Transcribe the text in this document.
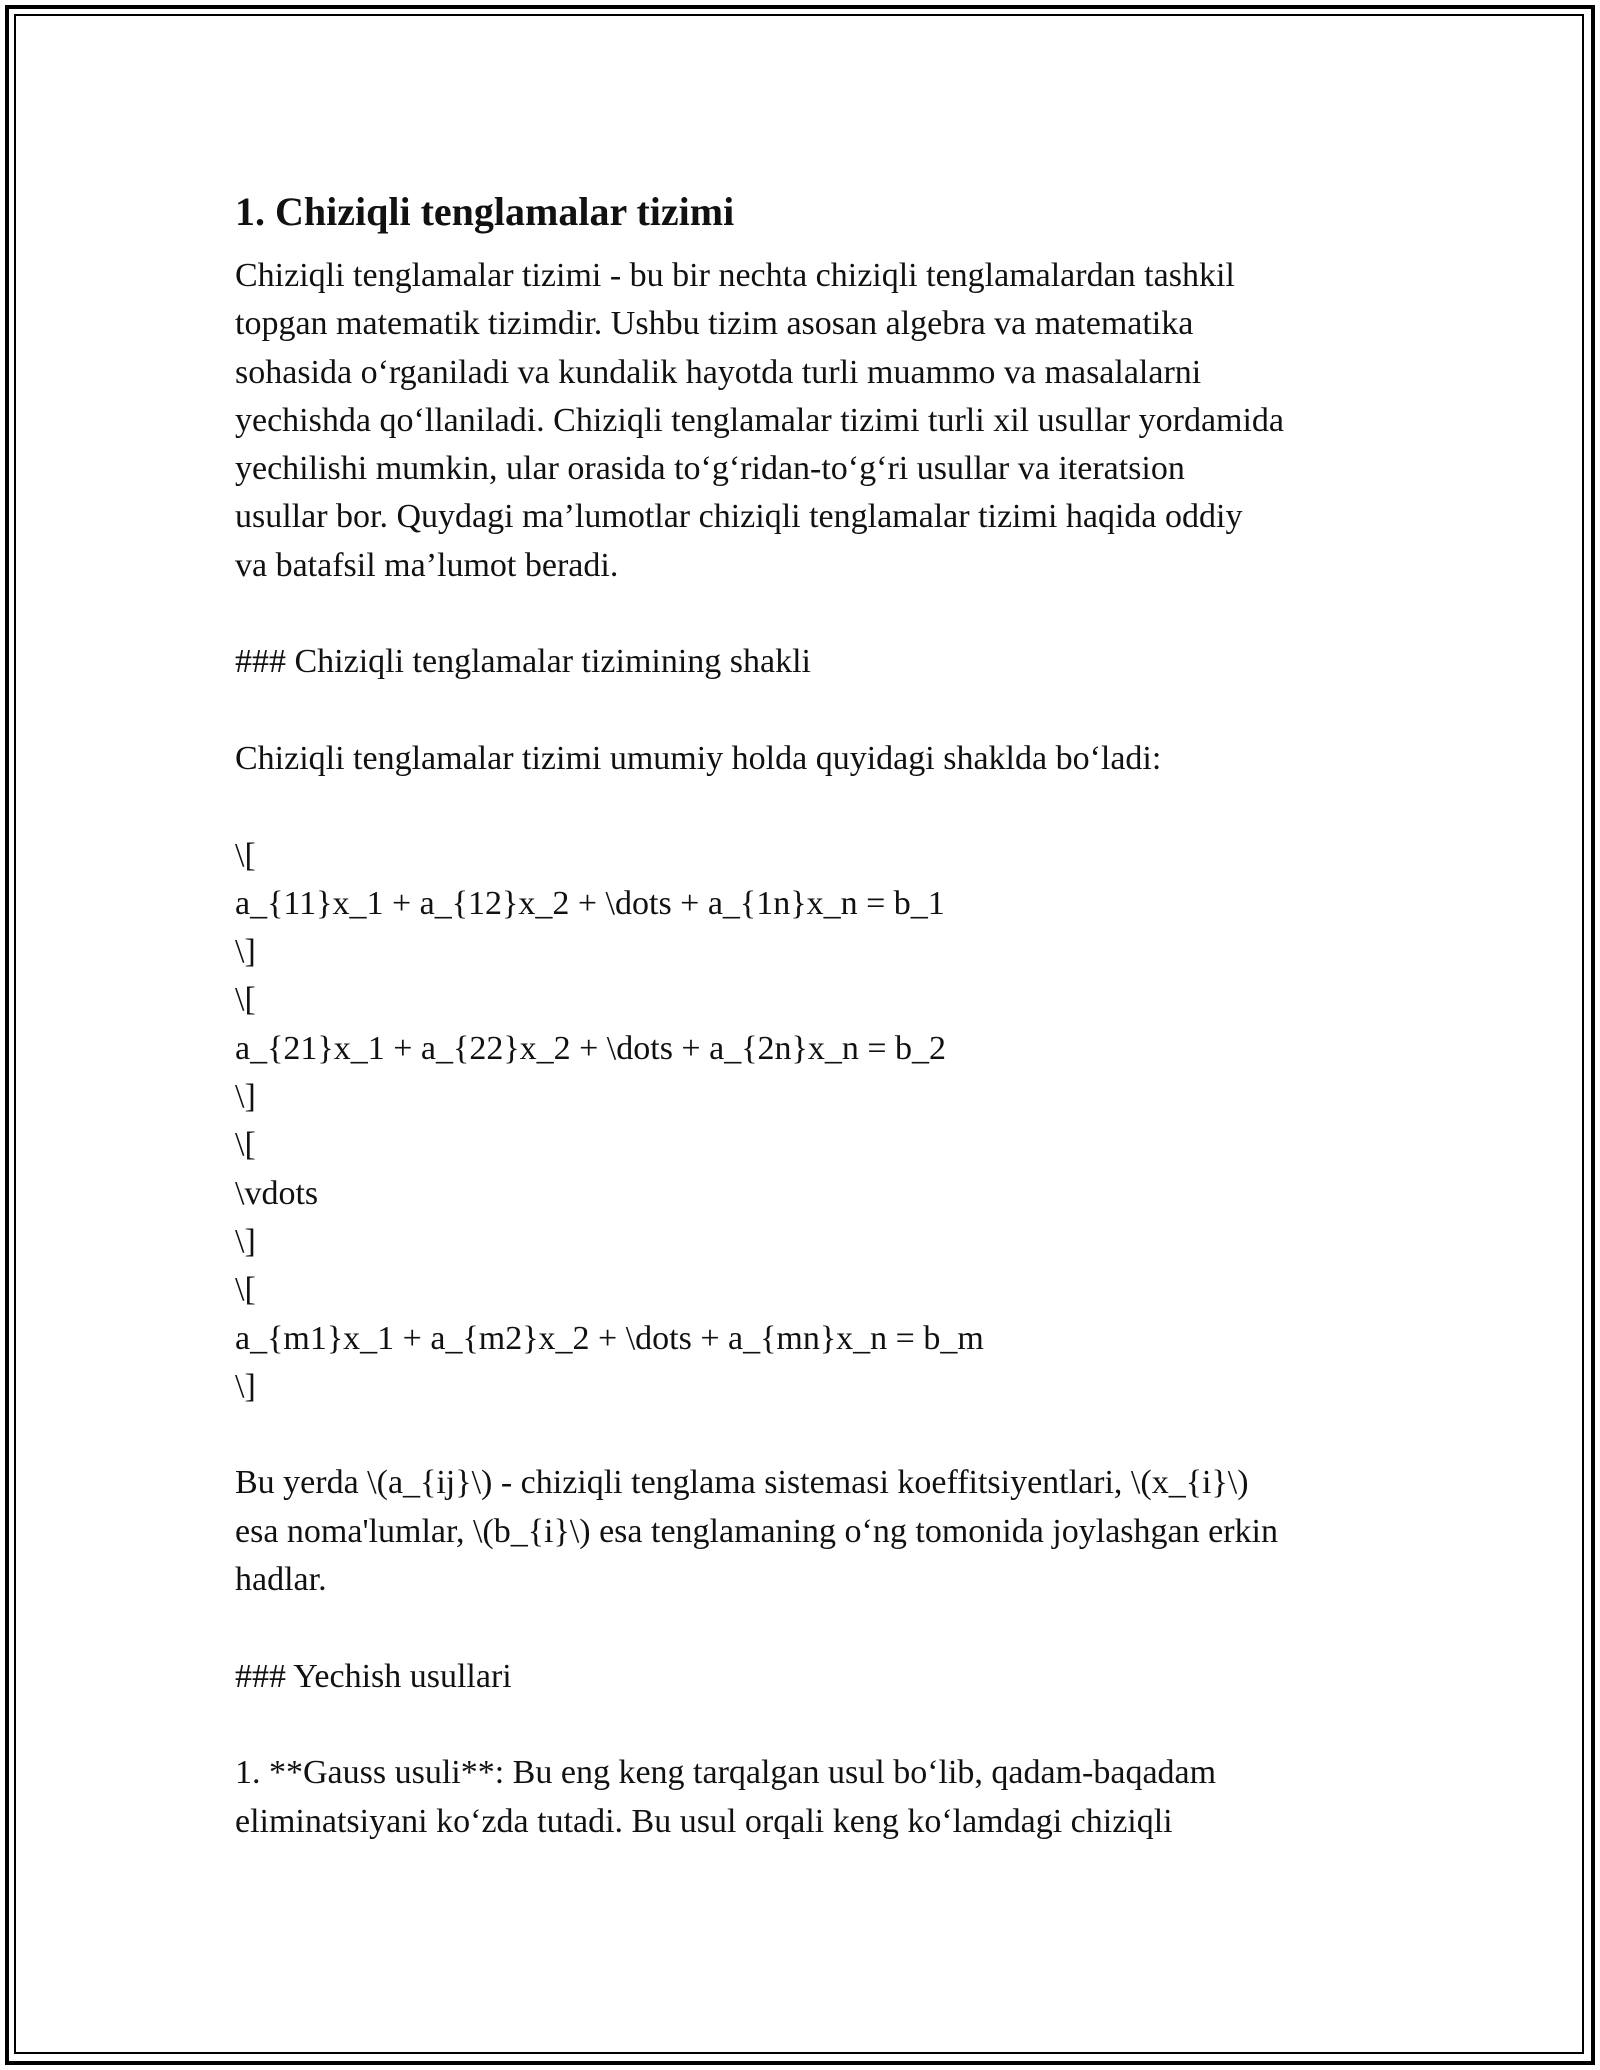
1. Chiziqli tenglamalar tizimi

Chiziqli tenglamalar tizimi - bu bir nechta chiziqli tenglamalardan tashkil

topgan matematik tizimdir. Ushbu tizim asosan algebra va matematika

sohasida o‘rganiladi va kundalik hayotda turli muammo va masalalarni

yechishda qo‘llaniladi. Chiziqli tenglamalar tizimi turli xil usullar yordamida

yechilishi mumkin, ular orasida to‘g‘ridan-to‘g‘ri usullar va iteratsion

usullar bor. Quydagi ma’lumotlar chiziqli tenglamalar tizimi haqida oddiy

va batafsil ma’lumot beradi.

### Chiziqli tenglamalar tizimining shakli

Chiziqli tenglamalar tizimi umumiy holda quyidagi shaklda bo‘ladi:

\[

a_{11}x_1 + a_{12}x_2 + \dots + a_{1n}x_n = b_1

\]

\[

a_{21}x_1 + a_{22}x_2 + \dots + a_{2n}x_n = b_2

\]

\[

\vdots

\]

\[

a_{m1}x_1 + a_{m2}x_2 + \dots + a_{mn}x_n = b_m

\]

Bu yerda \(a_{ij}\) - chiziqli tenglama sistemasi koeffitsiyentlari, \(x_{i}\)

esa noma'lumlar, \(b_{i}\) esa tenglamaning o‘ng tomonida joylashgan erkin

hadlar.

### Yechish usullari

1. **Gauss usuli**: Bu eng keng tarqalgan usul bo‘lib, qadam-baqadam

eliminatsiyani ko‘zda tutadi. Bu usul orqali keng ko‘lamdagi chiziqli
